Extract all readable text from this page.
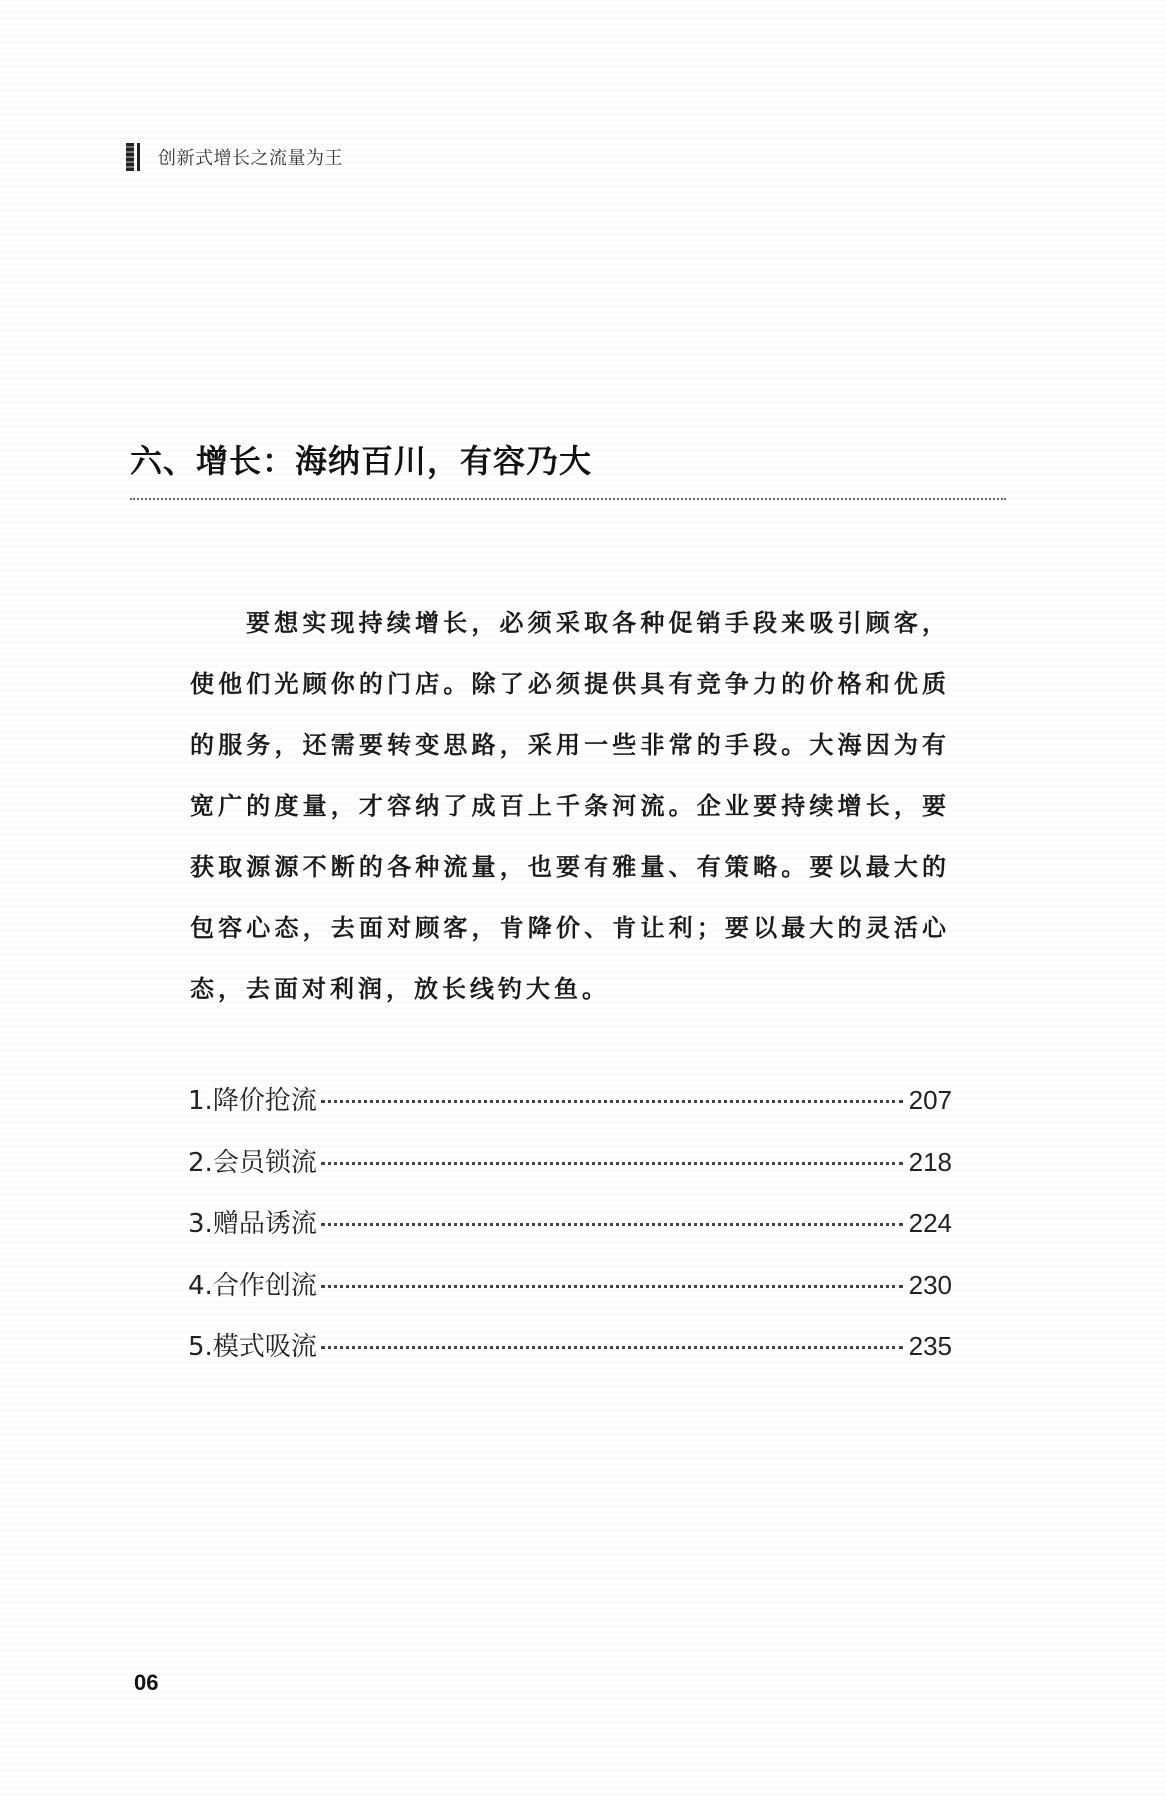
创新式增长之流量为王
六、增长：海纳百川，有容乃大

要想实现持续增长，必须采取各种促销手段来吸引顾客，使他们光顾你的门店。除了必须提供具有竞争力的价格和优质的服务，还需要转变思路，采用一些非常的手段。大海因为有宽广的度量，才容纳了成百上千条河流。企业要持续增长，要获取源源不断的各种流量，也要有雅量、有策略。要以最大的包容心态，去面对顾客，肯降价、肯让利；要以最大的灵活心态，去面对利润，放长线钓大鱼。

1. 降价抢流	207
2. 会员锁流	218
3. 赠品诱流	224
4. 合作创流	230
5. 模式吸流	235
06
